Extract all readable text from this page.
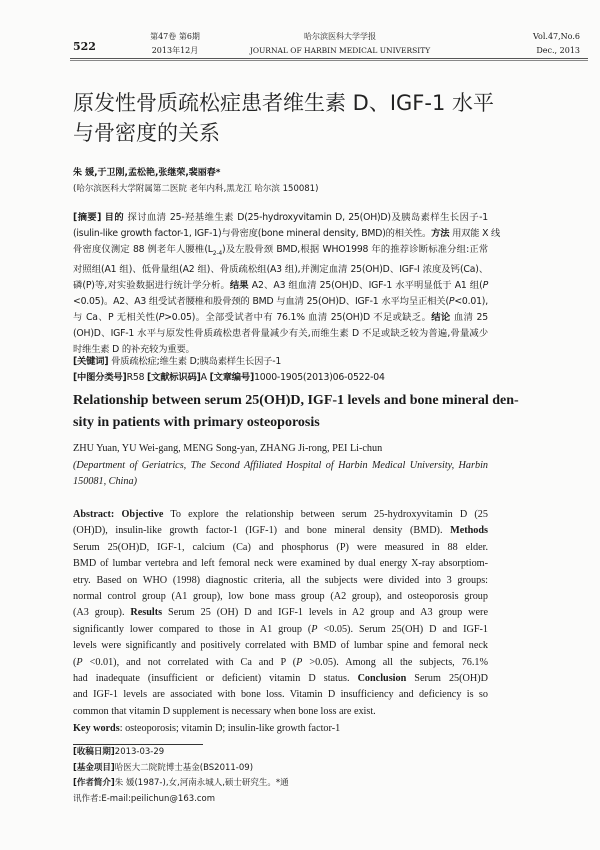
522
第47卷 第6期
2013年12月
哈尔滨医科大学学报
JOURNAL OF HARBIN MEDICAL UNIVERSITY
Vol.47,No.6
Dec., 2013
原发性骨质疏松症患者维生素 D、IGF-1 水平
与骨密度的关系
朱 媛,于卫刚,孟松艳,张继荣,裴丽春*
(哈尔滨医科大学附属第二医院 老年内科,黑龙江 哈尔滨 150081)
[摘要] 目的 探讨血清 25-羟基维生素 D(25-hydroxyvitamin D, 25(OH)D)及胰岛素样生长因子-1
(isulin-like growth factor-1, IGF-1)与骨密度(bone mineral density, BMD)的相关性。方法 用双能 X 线
骨密度仪测定 88 例老年人腰椎$(L_{2-4})$及左股骨颈 BMD,根据 WHO1998 年的推荐诊断标准分组:正常
对照组(A1 组)、低骨量组(A2 组)、骨质疏松组(A3 组),并测定血清 25(OH)D、IGF-I 浓度及钙(Ca)、
磷(P)等,对实验数据进行统计学分析。结果 A2、A3 组血清 25(OH)D、IGF-1 水平明显低于 A1 组(P
<0.05)。A2、A3 组受试者腰椎和股骨颈的 BMD 与血清 25(OH)D、IGF-1 水平均呈正相关(P<0.01),
与 Ca、P 无相关性(P>0.05)。全部受试者中有 76.1% 血清 25(OH)D 不足或缺乏。结论 血清 25
(OH)D、IGF-1 水平与原发性骨质疏松患者骨量减少有关,而维生素 D 不足或缺乏较为普遍,骨量减少
时维生素 D 的补充较为重要。
[关键词] 骨质疏松症;维生素 D;胰岛素样生长因子-1
[中图分类号]R58 [文献标识码]A [文章编号]1000-1905(2013)06-0522-04
Relationship between serum 25(OH)D, IGF-1 levels and bone mineral den-
sity in patients with primary osteoporosis
ZHU Yuan, YU Wei-gang, MENG Song-yan, ZHANG Ji-rong, PEI Li-chun
(Department of Geriatrics, The Second Affiliated Hospital of Harbin Medical University, Harbin
150081, China)
Abstract: Objective To explore the relationship between serum 25-hydroxyvitamin D (25
(OH)D), insulin-like growth factor-1 (IGF-1) and bone mineral density (BMD). Methods
Serum 25(OH)D, IGF-1, calcium (Ca) and phosphorus (P) were measured in 88 elder.
BMD of lumbar vertebra and left femoral neck were examined by dual energy X-ray absorptiom-
etry. Based on WHO (1998) diagnostic criteria, all the subjects were divided into 3 groups:
normal control group (A1 group), low bone mass group (A2 group), and osteoporosis group
(A3 group). Results Serum 25 (OH) D and IGF-1 levels in A2 group and A3 group were
significantly lower compared to those in A1 group (P <0.05). Serum 25(OH) D and IGF-1
levels were significantly and positively correlated with BMD of lumbar spine and femoral neck
(P <0.01), and not correlated with Ca and P (P >0.05). Among all the subjects, 76.1%
had inadequate (insufficient or deficient) vitamin D status. Conclusion Serum 25(OH)D
and IGF-1 levels are associated with bone loss. Vitamin D insufficiency and deficiency is so
common that vitamin D supplement is necessary when bone loss are exist.
Key words: osteoporosis; vitamin D; insulin-like growth factor-1
[收稿日期]2013-03-29
[基金项目]哈医大二院院博士基金(BS2011-09)
[作者简介]朱 媛(1987-),女,河南永城人,硕士研究生。*通
讯作者:E-mail:peilichun@163.com
